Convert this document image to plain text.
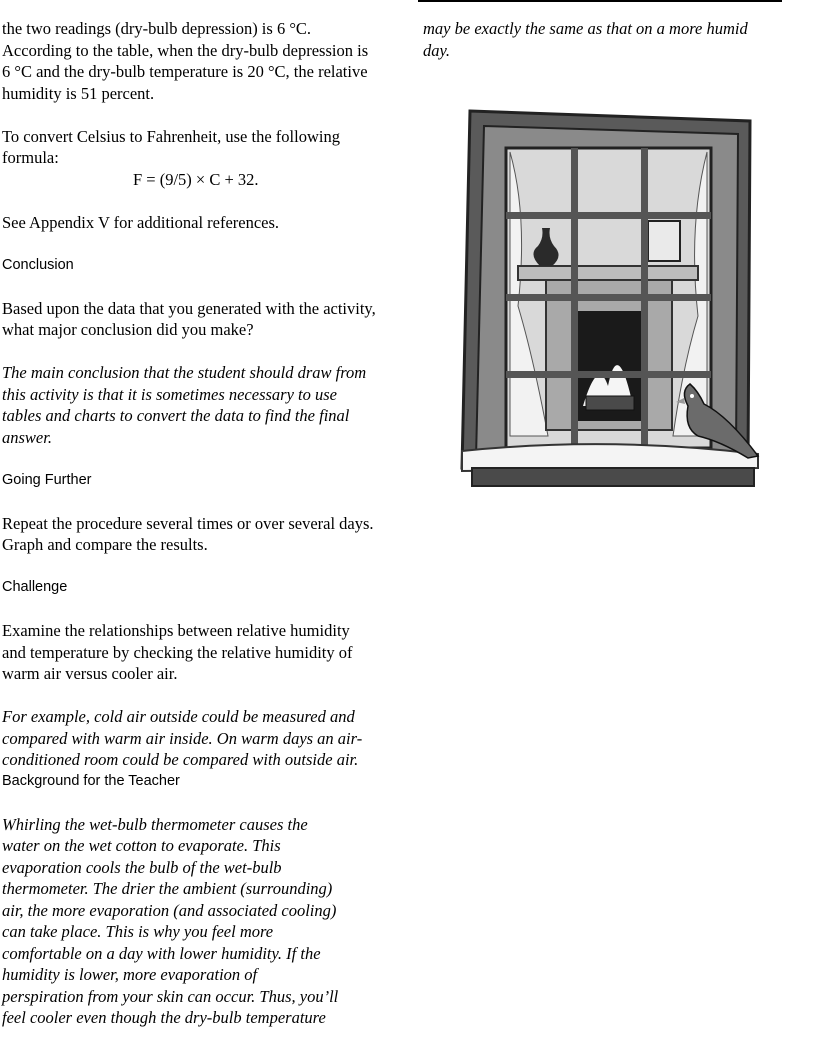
the two readings (dry-bulb depression) is 6 °C.
According to the table, when the dry-bulb depression is
6 °C and the dry-bulb temperature is 20 °C, the relative
humidity is 51 percent.

To convert Celsius to Fahrenheit, use the following
formula:

F = (9/5) × C + 32.

See Appendix V for additional references.

Conclusion

Based upon the data that you generated with the activity,
what major conclusion did you make?

The main conclusion that the student should draw from
this activity is that it is sometimes necessary to use
tables and charts to convert the data to find the final
answer.

Going Further

Repeat the procedure several times or over several days.
Graph and compare the results.

Challenge

Examine the relationships between relative humidity
and temperature by checking the relative humidity of
warm air versus cooler air.

For example, cold air outside could be measured and
compared with warm air inside. On warm days an air-
conditioned room could be compared with outside air.

Background for the Teacher

Whirling the wet-bulb thermometer causes the
water on the wet cotton to evaporate. This
evaporation cools the bulb of the wet-bulb
thermometer. The drier the ambient (surrounding)
air, the more evaporation (and associated cooling)
can take place. This is why you feel more
comfortable on a day with lower humidity. If the
humidity is lower, more evaporation of
perspiration from your skin can occur. Thus, you’ll
feel cooler even though the dry-bulb temperature

may be exactly the same as that on a more humid
day.
